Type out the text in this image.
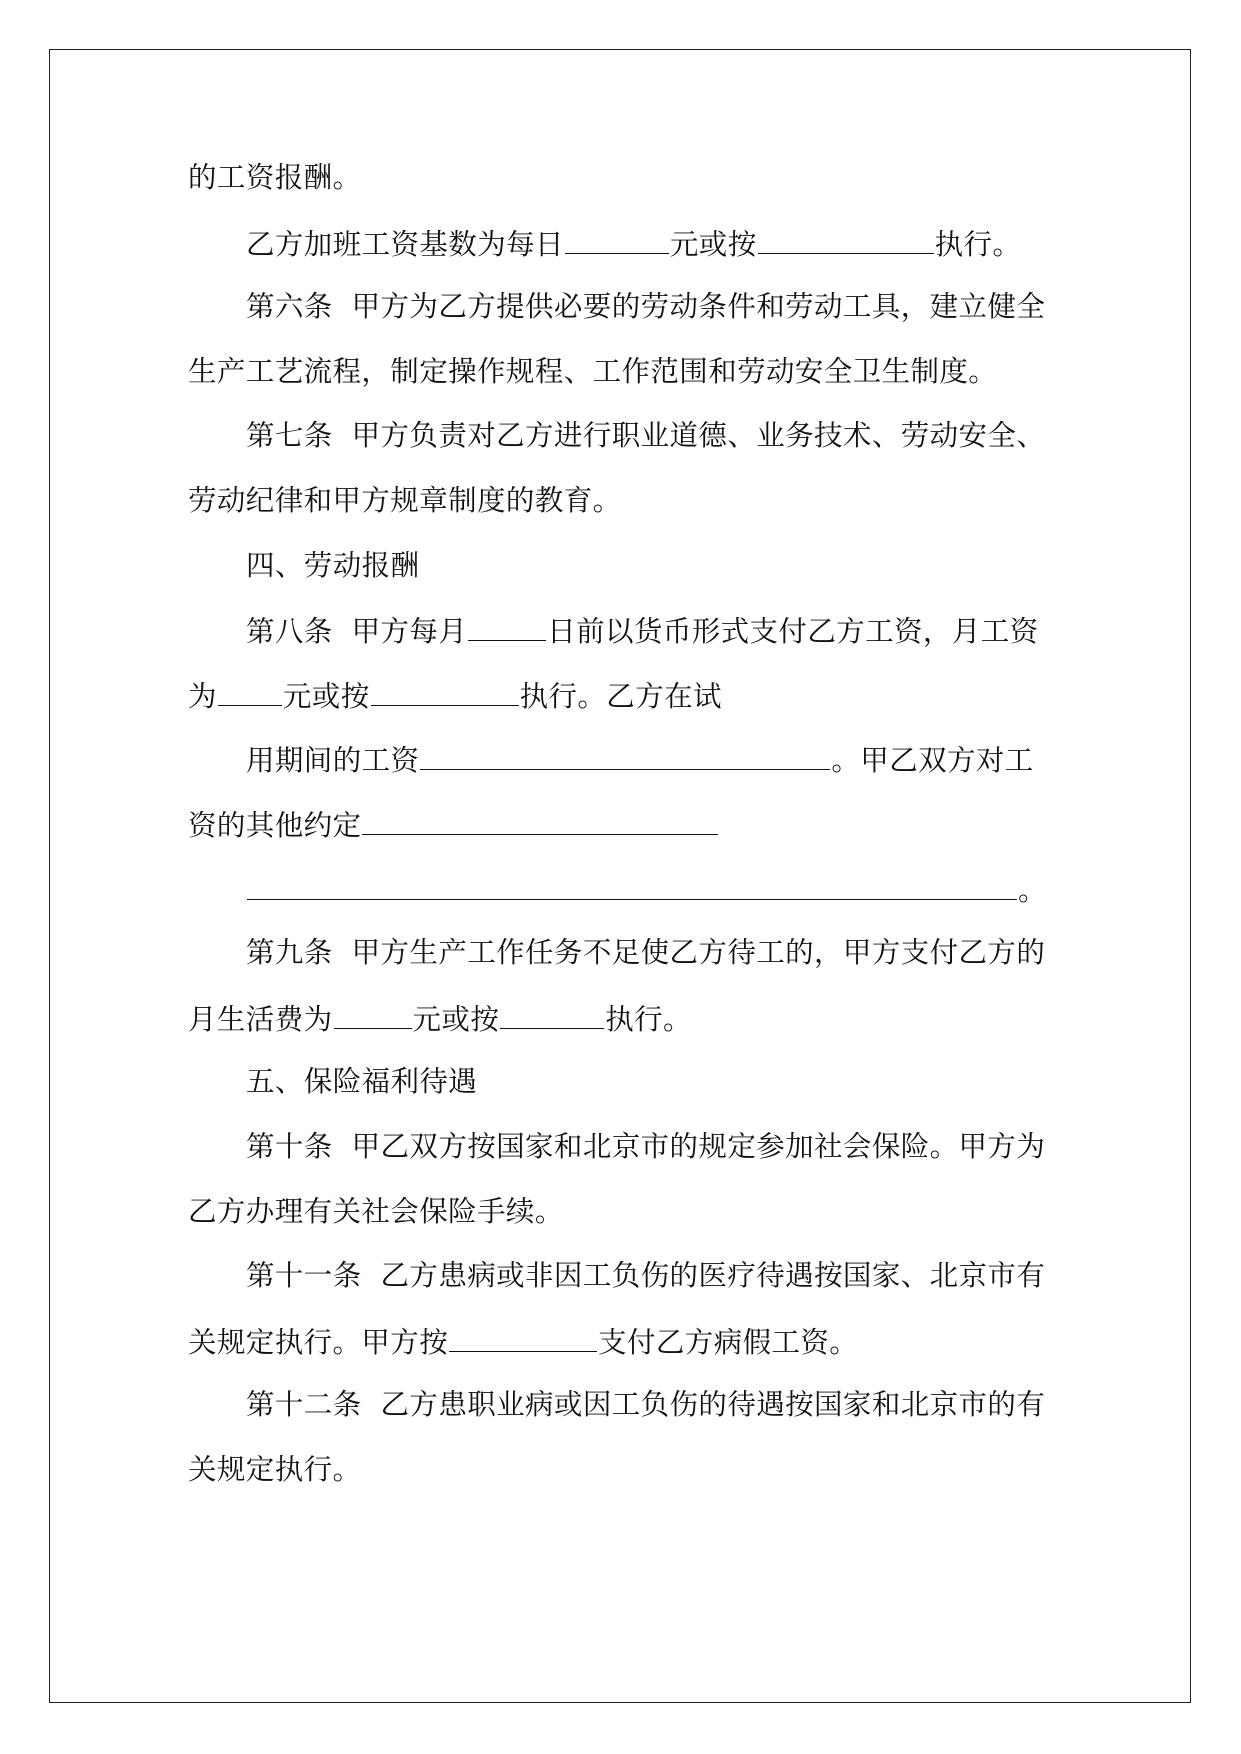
的工资报酬。
乙方加班工资基数为每日	元或按	执行。
第六条  甲方为乙方提供必要的劳动条件和劳动工具，建立健全
生产工艺流程，制定操作规程、工作范围和劳动安全卫生制度。
第七条  甲方负责对乙方进行职业道德、业务技术、劳动安全、
劳动纪律和甲方规章制度的教育。
四、劳动报酬
第八条  甲方每月	日前以货币形式支付乙方工资，月工资
为 元或按	执行。乙方在试
用期间的工资	。甲乙双方对工
资的其他约定
。
第九条  甲方生产工作任务不足使乙方待工的，甲方支付乙方的
月生活费为	元或按	执行。
五、保险福利待遇
第十条  甲乙双方按国家和北京市的规定参加社会保险。甲方为
乙方办理有关社会保险手续。
第十一条  乙方患病或非因工负伤的医疗待遇按国家、北京市有
关规定执行。甲方按	支付乙方病假工资。
第十二条  乙方患职业病或因工负伤的待遇按国家和北京市的有
关规定执行。
